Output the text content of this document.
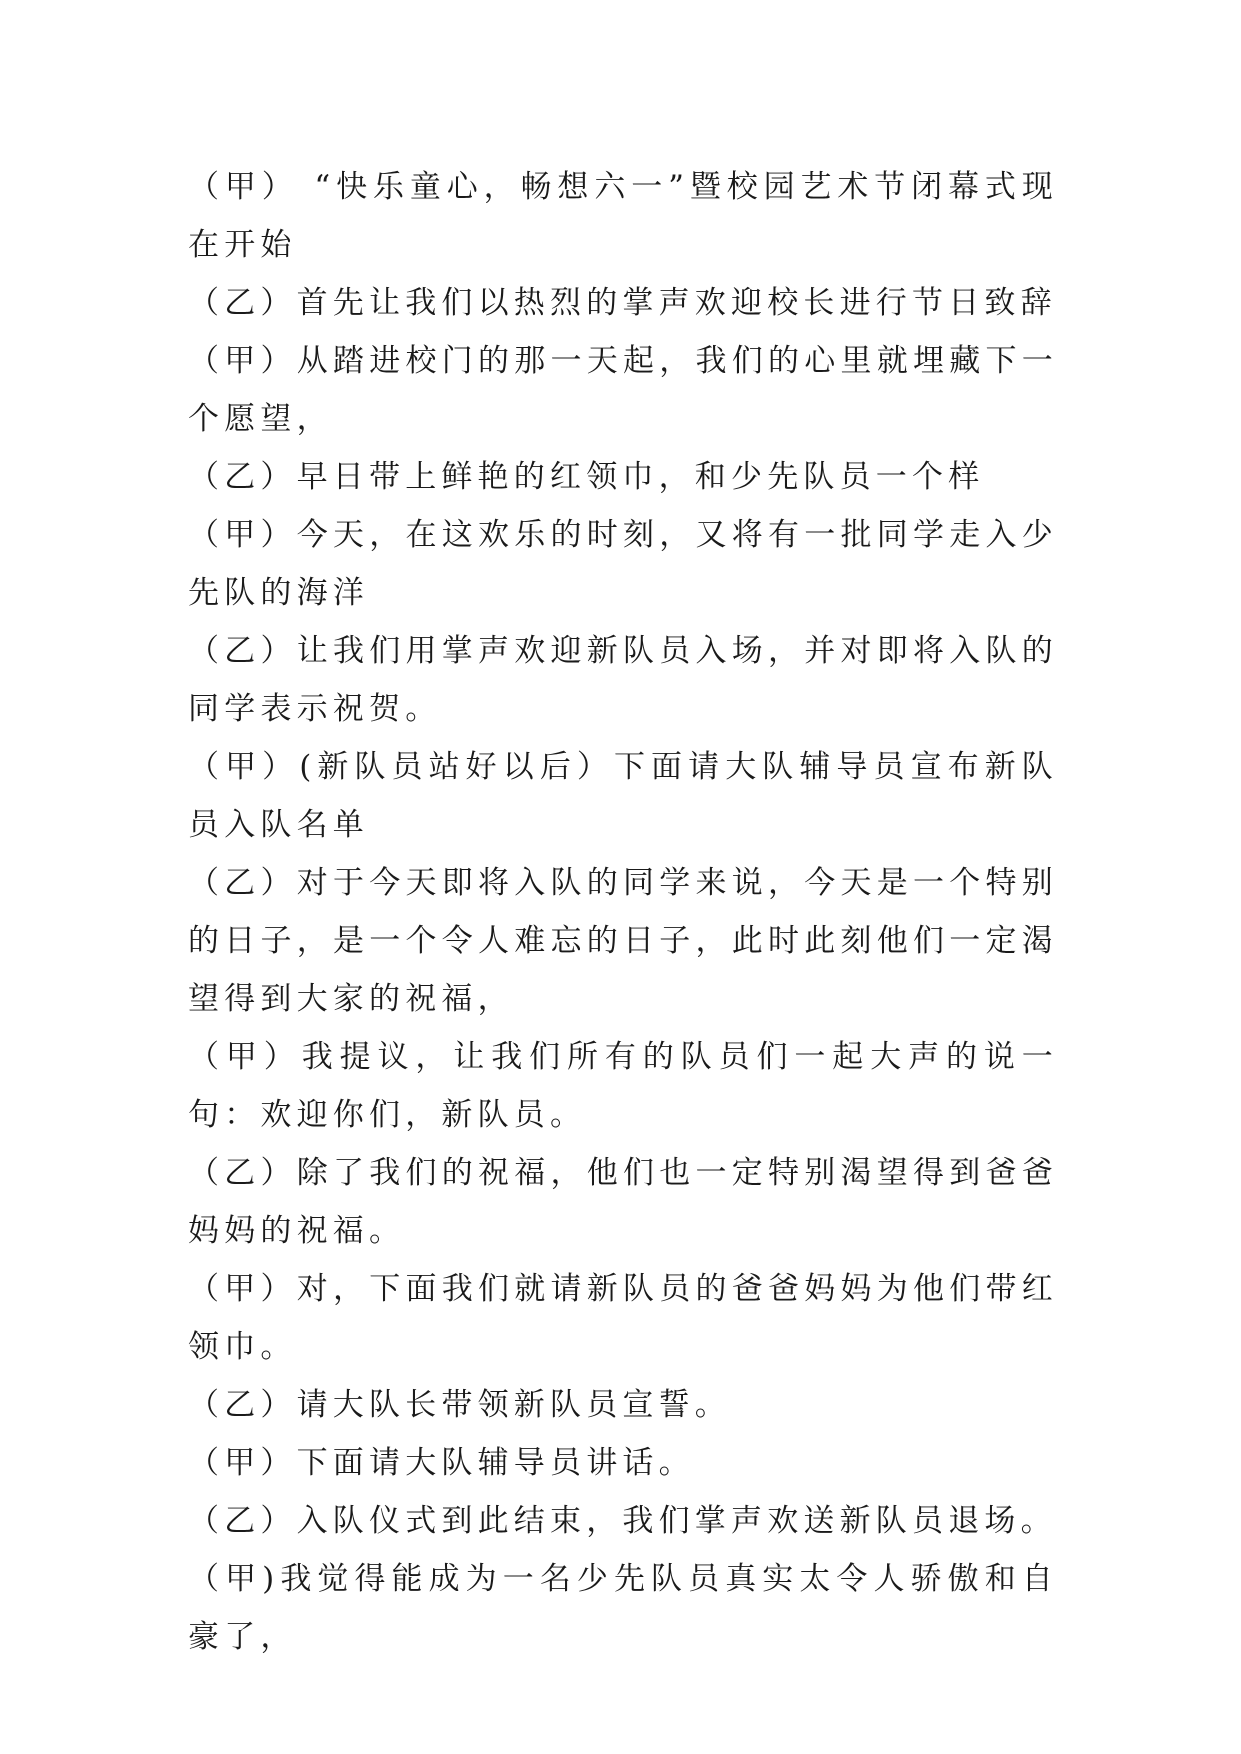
（甲） “快乐童心，畅想六一”暨校园艺术节闭幕式现在开始

（乙）首先让我们以热烈的掌声欢迎校长进行节日致辞

（甲）从踏进校门的那一天起，我们的心里就埋藏下一个愿望，

（乙）早日带上鲜艳的红领巾，和少先队员一个样

（甲）今天，在这欢乐的时刻，又将有一批同学走入少先队的海洋

（乙）让我们用掌声欢迎新队员入场，并对即将入队的同学表示祝贺。

（甲）(新队员站好以后）下面请大队辅导员宣布新队员入队名单

（乙）对于今天即将入队的同学来说，今天是一个特别的日子，是一个令人难忘的日子，此时此刻他们一定渴望得到大家的祝福，

（甲）我提议，让我们所有的队员们一起大声的说一句：欢迎你们，新队员。

（乙）除了我们的祝福，他们也一定特别渴望得到爸爸妈妈的祝福。

（甲）对，下面我们就请新队员的爸爸妈妈为他们带红领巾。

（乙）请大队长带领新队员宣誓。

（甲）下面请大队辅导员讲话。

（乙）入队仪式到此结束，我们掌声欢送新队员退场。

（甲)我觉得能成为一名少先队员真实太令人骄傲和自豪了，
